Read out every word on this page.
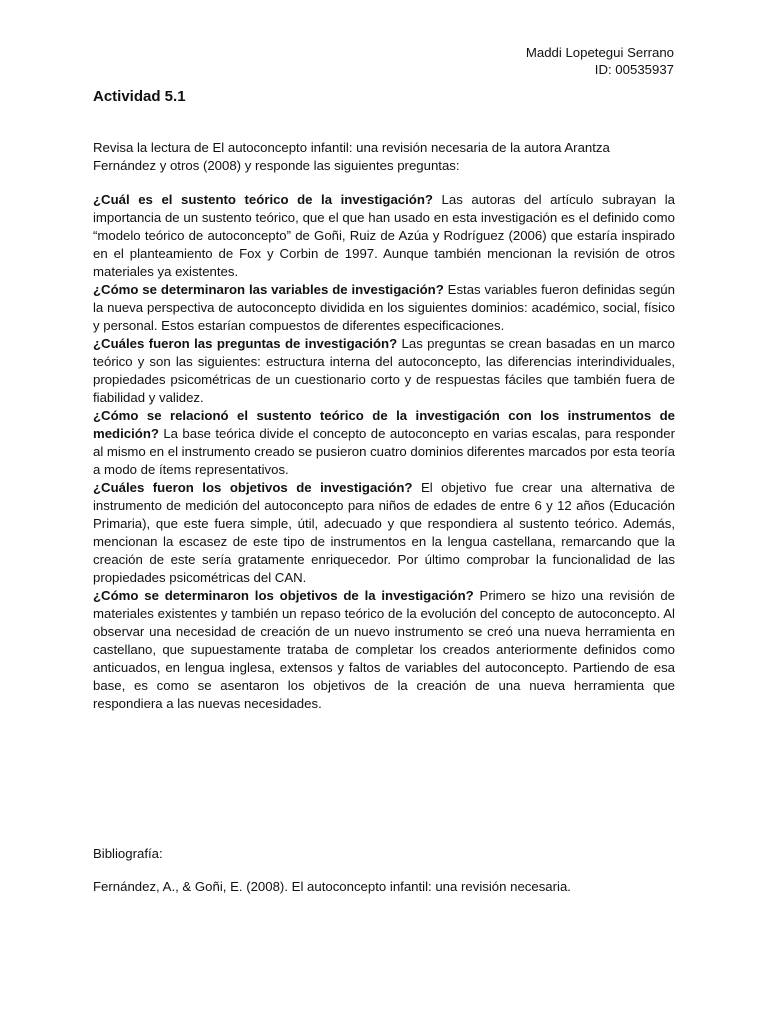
Maddi Lopetegui Serrano
ID: 00535937
Actividad 5.1

Revisa la lectura de El autoconcepto infantil: una revisión necesaria de la autora Arantza Fernández y otros (2008) y responde las siguientes preguntas:

¿Cuál es el sustento teórico de la investigación? Las autoras del artículo subrayan la importancia de un sustento teórico, que el que han usado en esta investigación es el definido como “modelo teórico de autoconcepto” de Goñi, Ruiz de Azúa y Rodríguez (2006) que estaría inspirado en el planteamiento de Fox y Corbin de 1997. Aunque también mencionan la revisión de otros materiales ya existentes.

¿Cómo se determinaron las variables de investigación? Estas variables fueron definidas según la nueva perspectiva de autoconcepto dividida en los siguientes dominios: académico, social, físico y personal. Estos estarían compuestos de diferentes especificaciones.

¿Cuáles fueron las preguntas de investigación? Las preguntas se crean basadas en un marco teórico y son las siguientes: estructura interna del autoconcepto, las diferencias interindividuales, propiedades psicométricas de un cuestionario corto y de respuestas fáciles que también fuera de fiabilidad y validez.

¿Cómo se relacionó el sustento teórico de la investigación con los instrumentos de medición? La base teórica divide el concepto de autoconcepto en varias escalas, para responder al mismo en el instrumento creado se pusieron cuatro dominios diferentes marcados por esta teoría a modo de ítems representativos.

¿Cuáles fueron los objetivos de investigación? El objetivo fue crear una alternativa de instrumento de medición del autoconcepto para niños de edades de entre 6 y 12 años (Educación Primaria), que este fuera simple, útil, adecuado y que respondiera al sustento teórico. Además, mencionan la escasez de este tipo de instrumentos en la lengua castellana, remarcando que la creación de este sería gratamente enriquecedor. Por último comprobar la funcionalidad de las propiedades psicométricas del CAN.

¿Cómo se determinaron los objetivos de la investigación? Primero se hizo una revisión de materiales existentes y también un repaso teórico de la evolución del concepto de autoconcepto. Al observar una necesidad de creación de un nuevo instrumento se creó una nueva herramienta en castellano, que supuestamente trataba de completar los creados anteriormente definidos como anticuados, en lengua inglesa, extensos y faltos de variables del autoconcepto. Partiendo de esa base, es como se asentaron los objetivos de la creación de una nueva herramienta que respondiera a las nuevas necesidades.

Bibliografía:

Fernández, A., & Goñi, E. (2008). El autoconcepto infantil: una revisión necesaria.
